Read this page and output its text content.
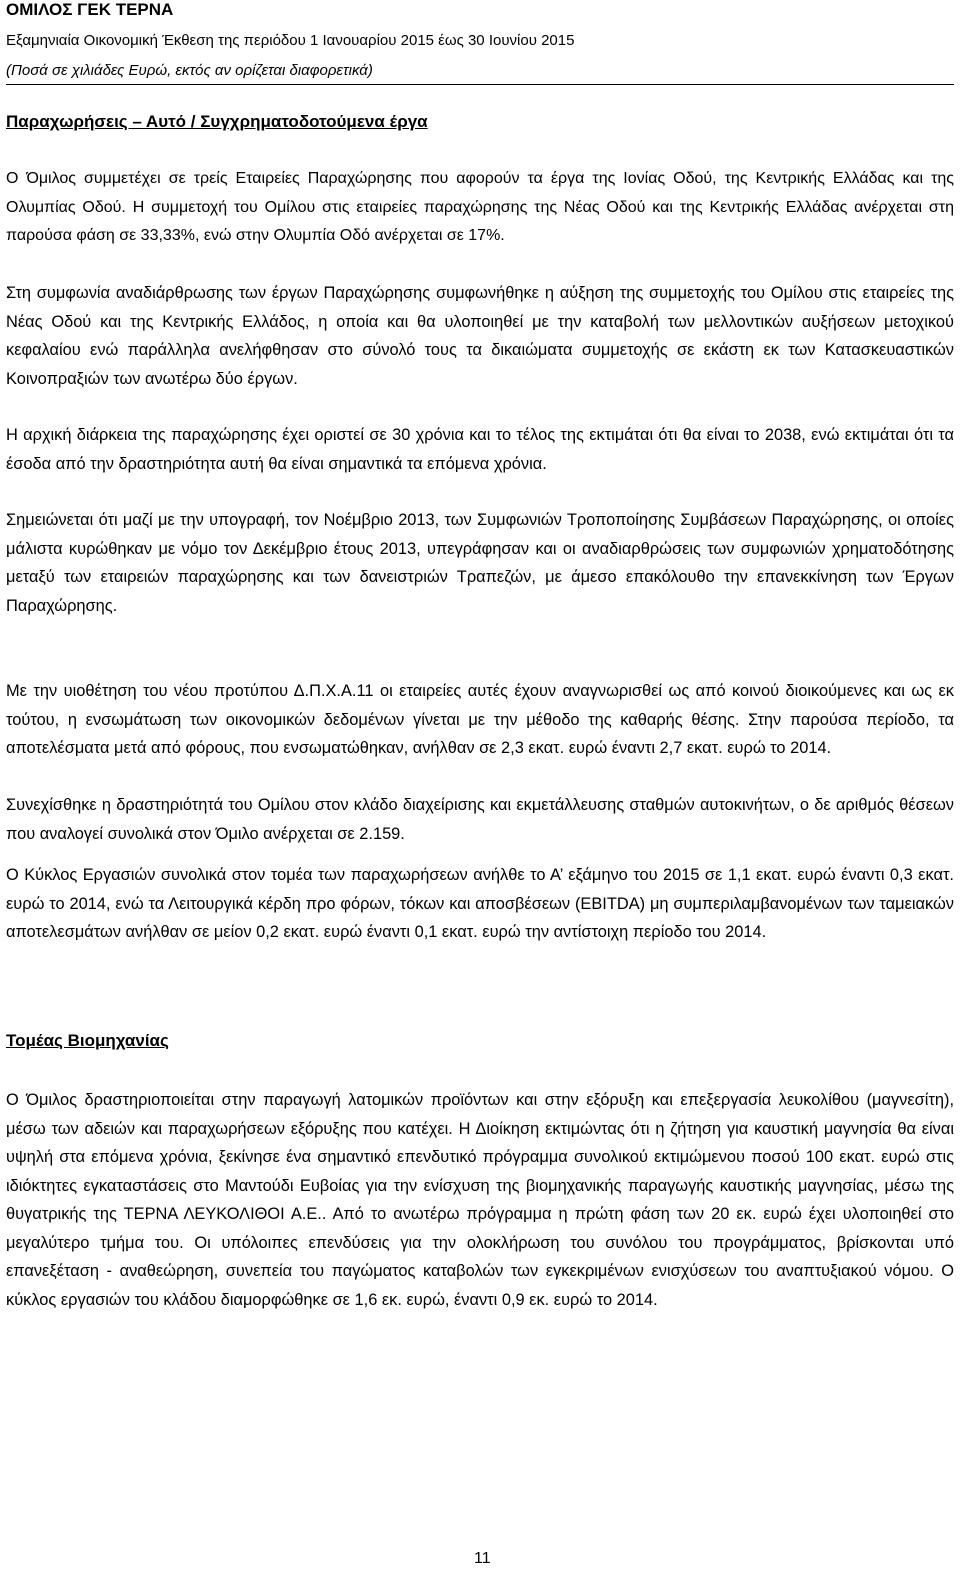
ΟΜΙΛΟΣ ΓΕΚ ΤΕΡΝΑ
Εξαμηνιαία Οικονομική Έκθεση της περιόδου 1 Ιανουαρίου 2015 έως 30 Ιουνίου 2015
(Ποσά σε χιλιάδες Ευρώ, εκτός αν ορίζεται διαφορετικά)
Παραχωρήσεις – Αυτό / Συγχρηματοδοτούμενα έργα

Ο Όμιλος συμμετέχει σε τρείς Εταιρείες Παραχώρησης που αφορούν τα έργα της Ιονίας Οδού, της Κεντρικής Ελλάδας και της Ολυμπίας Οδού. Η συμμετοχή του Ομίλου στις εταιρείες παραχώρησης της Νέας Οδού και της Κεντρικής Ελλάδας ανέρχεται στη παρούσα φάση σε 33,33%, ενώ στην Ολυμπία Οδό ανέρχεται σε 17%.

Στη συμφωνία αναδιάρθρωσης των έργων Παραχώρησης συμφωνήθηκε η αύξηση της συμμετοχής του Ομίλου στις εταιρείες της Νέας Οδού και της Κεντρικής Ελλάδος, η οποία και θα υλοποιηθεί με την καταβολή των μελλοντικών αυξήσεων μετοχικού κεφαλαίου ενώ παράλληλα ανελήφθησαν στο σύνολό τους τα δικαιώματα συμμετοχής σε εκάστη εκ των Κατασκευαστικών Κοινοπραξιών των ανωτέρω δύο έργων.

Η αρχική διάρκεια της παραχώρησης έχει οριστεί σε 30 χρόνια και το τέλος της εκτιμάται ότι θα είναι το 2038, ενώ εκτιμάται ότι τα έσοδα από την δραστηριότητα αυτή θα είναι σημαντικά τα επόμενα χρόνια.

Σημειώνεται ότι μαζί με την υπογραφή, τον Νοέμβριο 2013, των Συμφωνιών Τροποποίησης Συμβάσεων Παραχώρησης, οι οποίες μάλιστα κυρώθηκαν με νόμο τον Δεκέμβριο έτους 2013, υπεγράφησαν και οι αναδιαρθρώσεις των συμφωνιών χρηματοδότησης μεταξύ των εταιρειών παραχώρησης και των δανειστριών Τραπεζών, με άμεσο επακόλουθο την επανεκκίνηση των Έργων Παραχώρησης.

Με την υιοθέτηση του νέου προτύπου Δ.Π.Χ.Α.11 οι εταιρείες αυτές έχουν αναγνωρισθεί ως από κοινού διοικούμενες και ως εκ τούτου, η ενσωμάτωση των οικονομικών δεδομένων γίνεται με την μέθοδο της καθαρής θέσης. Στην παρούσα περίοδο, τα αποτελέσματα μετά από φόρους, που ενσωματώθηκαν, ανήλθαν σε 2,3 εκατ. ευρώ έναντι 2,7 εκατ. ευρώ το 2014.

Συνεχίσθηκε η δραστηριότητά του Ομίλου στον κλάδο διαχείρισης και εκμετάλλευσης σταθμών αυτοκινήτων, ο δε αριθμός θέσεων που αναλογεί συνολικά στον Όμιλο ανέρχεται σε 2.159.

Ο Κύκλος Εργασιών συνολικά στον τομέα των παραχωρήσεων ανήλθε το Α’ εξάμηνο του 2015 σε 1,1 εκατ. ευρώ έναντι 0,3 εκατ. ευρώ το 2014, ενώ τα Λειτουργικά κέρδη προ φόρων, τόκων και αποσβέσεων (EBITDA) μη συμπεριλαμβανομένων των ταμειακών αποτελεσμάτων ανήλθαν σε μείον 0,2 εκατ. ευρώ έναντι 0,1 εκατ. ευρώ την αντίστοιχη περίοδο του 2014.

Τομέας Βιομηχανίας

Ο Όμιλος δραστηριοποιείται στην παραγωγή λατομικών προϊόντων και στην εξόρυξη και επεξεργασία λευκολίθου (μαγνεσίτη), μέσω των αδειών και παραχωρήσεων εξόρυξης που κατέχει. Η Διοίκηση εκτιμώντας ότι η ζήτηση για καυστική μαγνησία θα είναι υψηλή στα επόμενα χρόνια, ξεκίνησε ένα σημαντικό επενδυτικό πρόγραμμα συνολικού εκτιμώμενου ποσού 100 εκατ. ευρώ στις ιδιόκτητες εγκαταστάσεις στο Μαντούδι Ευβοίας για την ενίσχυση της βιομηχανικής παραγωγής καυστικής μαγνησίας, μέσω της θυγατρικής της ΤΕΡΝΑ ΛΕΥΚΟΛΙΘΟΙ Α.Ε.. Από το ανωτέρω πρόγραμμα η πρώτη φάση των 20 εκ. ευρώ έχει υλοποιηθεί στο μεγαλύτερο τμήμα του. Οι υπόλοιπες επενδύσεις για την ολοκλήρωση του συνόλου του προγράμματος, βρίσκονται υπό επανεξέταση - αναθεώρηση, συνεπεία του παγώματος καταβολών των εγκεκριμένων ενισχύσεων του αναπτυξιακού νόμου. Ο κύκλος εργασιών του κλάδου διαμορφώθηκε σε 1,6 εκ. ευρώ, έναντι 0,9 εκ. ευρώ το 2014.

11
